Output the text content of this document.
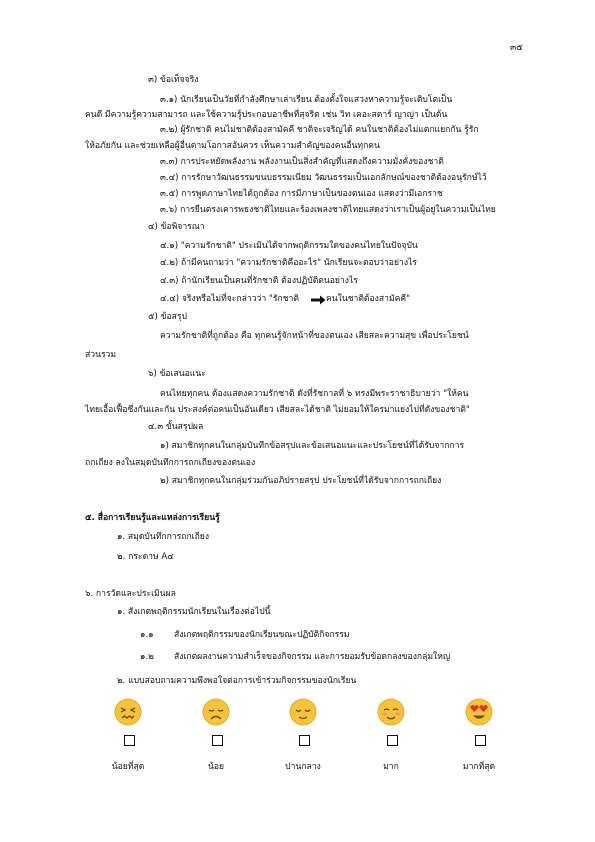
๓๕
๓) ข้อเท็จจริง
๓.๑) นักเรียนเป็นวัยที่กำลังศึกษาเล่าเรียน ต้องตั้งใจแสวงหาความรู้จะเติบโตเป็น
คนดี มีความรู้ความสามารถ และใช้ความรู้ประกอบอาชีพที่สุจริต เช่น วิท เคอะสตาร์ ญาญ่า เป็นต้น
๓.๒) ผู้รักชาติ คนไม่ชาติต้องสามัคคี ชาติจะเจริญได้ คนในชาติต้องไม่แตกแยกกัน รู้รัก
ให้อภัยกัน และช่วยเหลือผู้อื่นตามโอกาสอันควร เห็นความสำคัญของคนอื่นทุกคน
๓.๓) การประหยัดพลังงาน พลังงานเป็นสิ่งสำคัญที่แสดงถึงความมั่งคั่งของชาติ
๓.๔) การรักษาวัฒนธรรมขนบธรรมเนียม วัฒนธรรมเป็นเอกลักษณ์ของชาติต้องอนุรักษ์ไว้
๓.๕) การพูดภาษาไทยได้ถูกต้อง การมีภาษาเป็นของตนเอง แสดงว่ามีเอกราช
๓.๖) การยืนตรงเคารพธงชาติไทยและร้องเพลงชาติไทยแสดงว่าเราเป็นผู้อยู่ในความเป็นไทย
๔) ข้อพิจารณา
๔.๑) "ความรักชาติ" ประเมินได้จากพฤติกรรมใดของคนไทยในปัจจุบัน
๔.๒) ถ้ามีคนถามว่า "ความรักชาติคืออะไร" นักเรียนจะตอบว่าอย่างไร
๔.๓) ถ้านักเรียนเป็นคนที่รักชาติ ต้องปฏิบัติตนอย่างไร
๔.๔) จริงหรือไม่ที่จะกล่าวว่า "รักชาติ	คนในชาติต้องสามัคคี"
๕) ข้อสรุป
ความรักชาติที่ถูกต้อง คือ ทุกคนรู้จักหน้าที่ของตนเอง เสียสละความสุข เพื่อประโยชน์
ส่วนรวม
๖) ข้อเสนอแนะ
คนไทยทุกคน ต้องแสดงความรักชาติ ดังที่รัชกาลที่ ๖ ทรงมีพระราชาธิบายว่า "ให้คน
ไทยเอื้อเฟื้อซึ่งกันและกัน ประสงค์ต่อคนเป็นอันเดียว เสียสละได้ชาติ ไม่ยอมให้ใครมาแย่งไปที่ดังของชาติ"
๔.๓ ขั้นสรุปผล
๑) สมาชิกทุกคนในกลุ่มบันทึกข้อสรุปและข้อเสนอแนะและประโยชน์ที่ได้รับจากการ
ถกเถียง ลงในสมุดบันทึกการถกเถียงของตนเอง
๒) สมาชิกทุกคนในกลุ่มร่วมกันอภิปรายสรุป ประโยชน์ที่ได้รับจากการถกเถียง
๕. สื่อการเรียนรู้และแหล่งการเรียนรู้
๑. สมุดบันทึกการถกเถียง
๒. กระดาษ A๔
๖. การวัดและประเมินผล
๑. สังเกตพฤติกรรมนักเรียนในเรื่องต่อไปนี้
๑.๑ สังเกตพฤติกรรมของนักเรียนขณะปฏิบัติกิจกรรม
๑.๒ สังเกตผลงานความสำเร็จของกิจกรรม และการยอมรับข้อตกลงของกลุ่มใหญ่
๒. แบบสอบถามความพึงพอใจต่อการเข้าร่วมกิจกรรมของนักเรียน
น้อยที่สุด	น้อย	ปานกลาง	มาก	มากที่สุด
